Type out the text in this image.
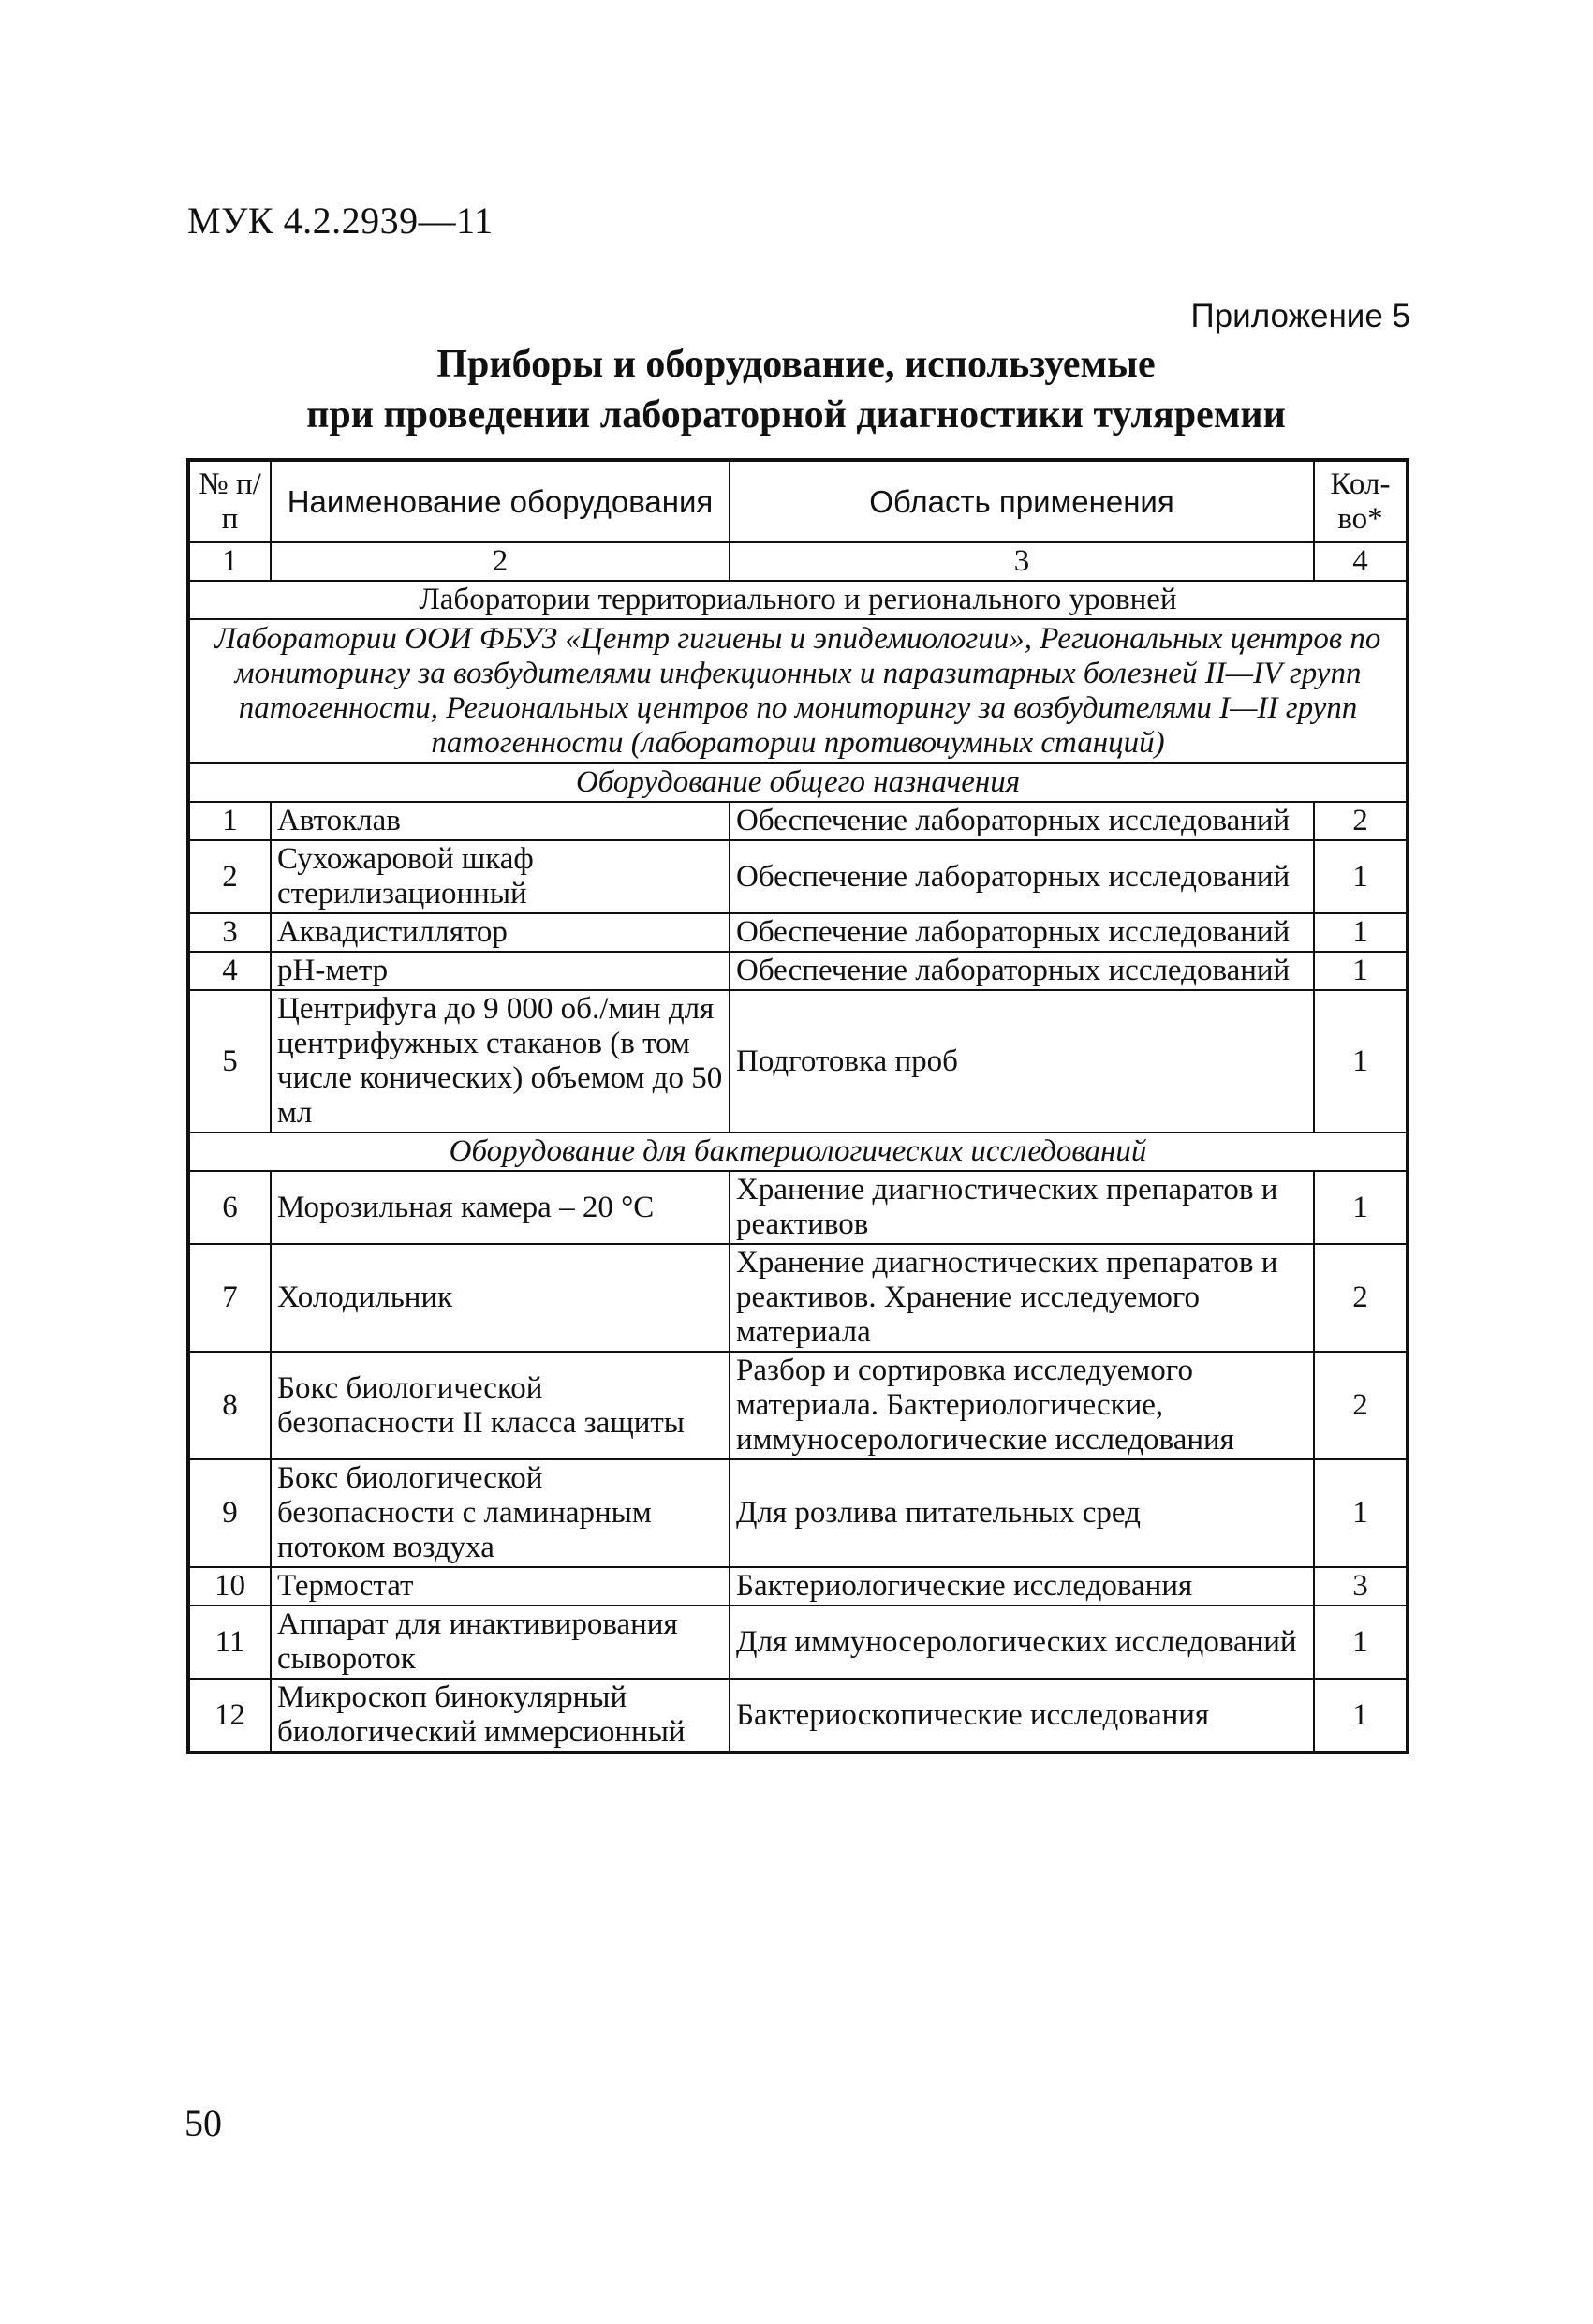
МУК 4.2.2939—11
Приложение 5
Приборы и оборудование, используемые
при проведении лабораторной диагностики туляремии
№ п/п	Наименование оборудования	Область применения	Кол-во*
1	2	3	4
Лаборатории территориального и регионального уровней			
Лаборатории ООИ ФБУЗ «Центр гигиены и эпидемиологии», Региональных центров по мониторингу за возбудителями инфекционных и паразитарных болезней II—IV групп патогенности, Региональных центров по мониторингу за возбудителями I—II групп патогенности (лаборатории противочумных станций)			
Оборудование общего назначения			
1	Автоклав	Обеспечение лабораторных исследований	2
2	Сухожаровой шкаф стерилизационный	Обеспечение лабораторных исследований	1
3	Аквадистиллятор	Обеспечение лабораторных исследований	1
4	рН-метр	Обеспечение лабораторных исследований	1
5	Центрифуга до 9 000 об./мин для центрифужных стаканов (в том числе конических) объемом до 50 мл	Подготовка проб	1
Оборудование для бактериологических исследований			
6	Морозильная камера – 20 °С	Хранение диагностических препаратов и реактивов	1
7	Холодильник	Хранение диагностических препаратов и реактивов. Хранение исследуемого материала	2
8	Бокс биологической безопасности II класса защиты	Разбор и сортировка исследуемого материала. Бактериологические, иммуносерологические исследования	2
9	Бокс биологической безопасности с ламинарным потоком воздуха	Для розлива питательных сред	1
10	Термостат	Бактериологические исследования	3
11	Аппарат для инактивирования сывороток	Для иммуносерологических исследований	1
12	Микроскоп бинокулярный биологический иммерсионный	Бактериоскопические исследования	1
50
